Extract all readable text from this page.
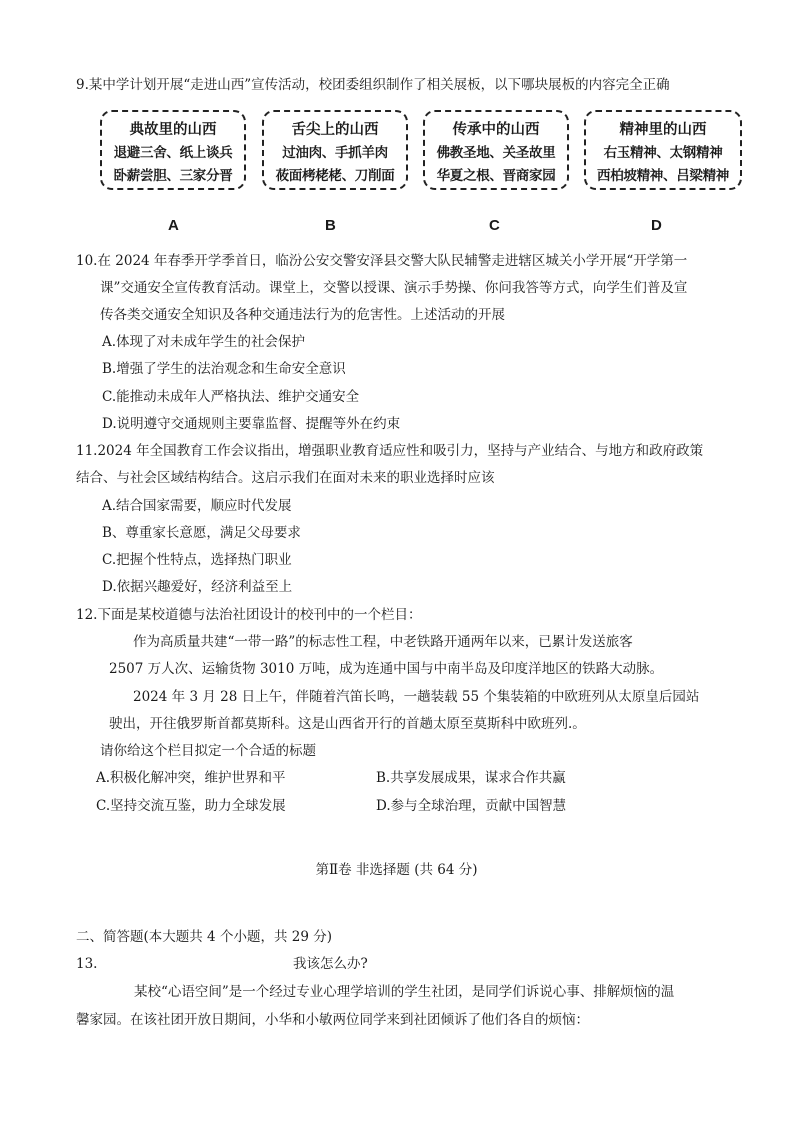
9.某中学计划开展“走进山西”宣传活动，校团委组织制作了相关展板，以下哪块展板的内容完全正确
典故里的山西
退避三舍、纸上谈兵
卧薪尝胆、三家分晋
舌尖上的山西
过油肉、手抓羊肉
莜面栲栳栳、刀削面
传承中的山西
佛教圣地、关圣故里
华夏之根、晋商家园
精神里的山西
右玉精神、太钢精神
西柏坡精神、吕梁精神
A	B	C	D
10.在 2024 年春季开学季首日，临汾公安交警安泽县交警大队民辅警走进辖区城关小学开展“开学第一
课”交通安全宣传教育活动。课堂上，交警以授课、演示手势操、你问我答等方式，向学生们普及宣
传各类交通安全知识及各种交通违法行为的危害性。上述活动的开展
A.体现了对未成年学生的社会保护
B.增强了学生的法治观念和生命安全意识
C.能推动未成年人严格执法、维护交通安全
D.说明遵守交通规则主要靠监督、提醒等外在约束
11.2024 年全国教育工作会议指出，增强职业教育适应性和吸引力，坚持与产业结合、与地方和政府政策
结合、与社会区域结构结合。这启示我们在面对未来的职业选择时应该
A.结合国家需要，顺应时代发展
B、尊重家长意愿，满足父母要求
C.把握个性特点，选择热门职业
D.依据兴趣爱好，经济利益至上
12.下面是某校道德与法治社团设计的校刊中的一个栏目：
作为高质量共建“一带一路”的标志性工程，中老铁路开通两年以来，已累计发送旅客
2507 万人次、运输货物 3010 万吨，成为连通中国与中南半岛及印度洋地区的铁路大动脉。
2024 年 3 月 28 日上午，伴随着汽笛长鸣，一趟装载 55 个集装箱的中欧班列从太原皇后园站
驶出，开往俄罗斯首都莫斯科。这是山西省开行的首趟太原至莫斯科中欧班列.。
请你给这个栏目拟定一个合适的标题
A.积极化解冲突，维护世界和平	B.共享发展成果，谋求合作共赢
C.坚持交流互鉴，助力全球发展	D.参与全球治理，贡献中国智慧
第Ⅱ卷 非选择题 (共 64 分)
二、简答题(本大题共 4 个小题，共 29 分)
13.	我该怎么办?
某校“心语空间”是一个经过专业心理学培训的学生社团，是同学们诉说心事、排解烦恼的温
馨家园。在该社团开放日期间，小华和小敏两位同学来到社团倾诉了他们各自的烦恼：
